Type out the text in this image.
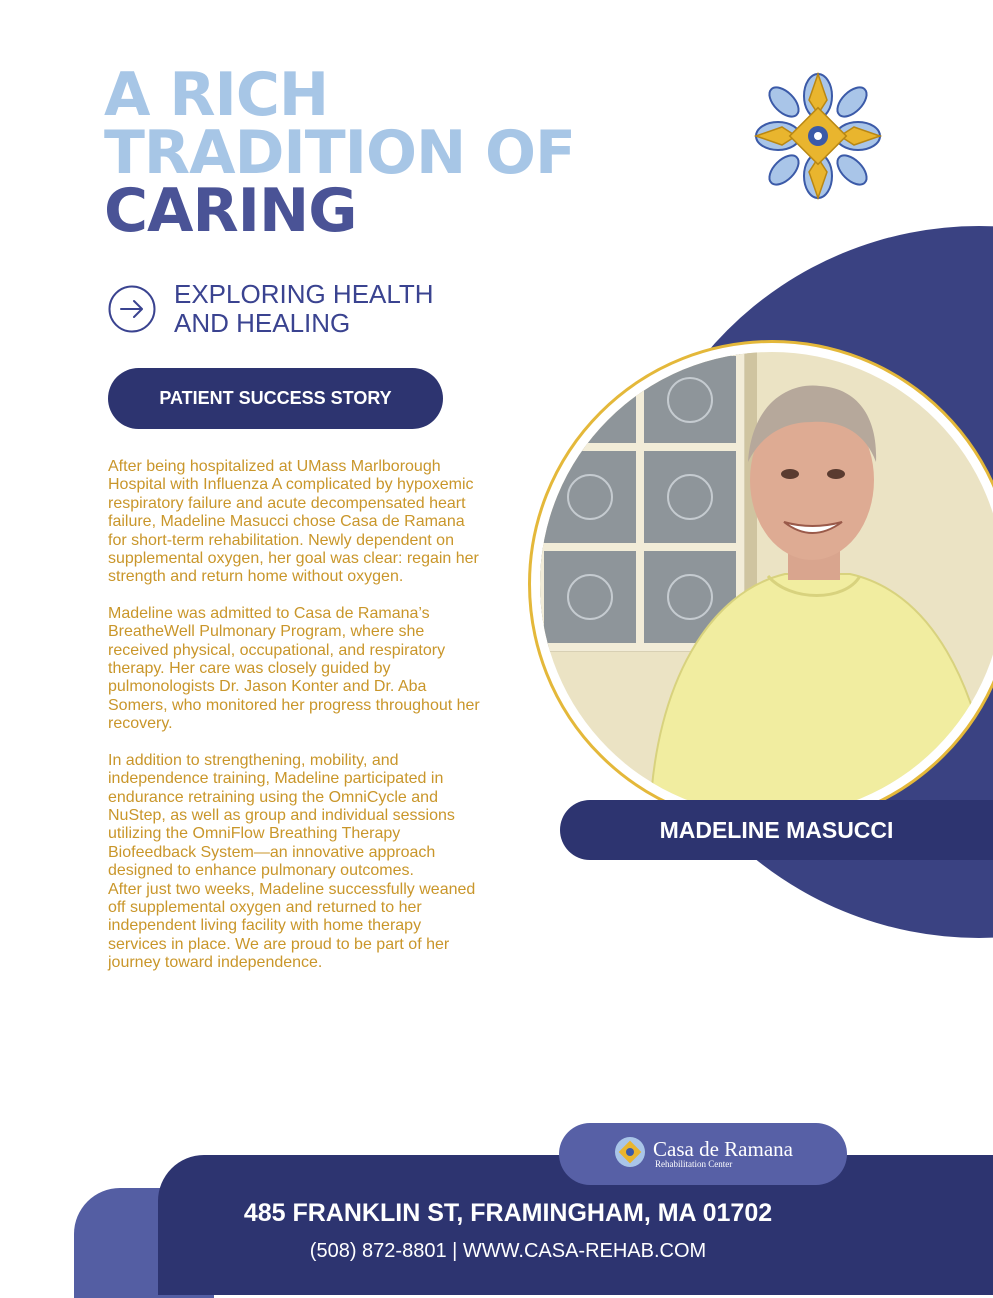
A RICH
TRADITION OF
CARING
EXPLORING HEALTH
AND HEALING
PATIENT SUCCESS STORY

After being hospitalized at UMass Marlborough Hospital with Influenza A complicated by hypoxemic respiratory failure and acute decompensated heart failure, Madeline Masucci chose Casa de Ramana for short-term rehabilitation. Newly dependent on supplemental oxygen, her goal was clear: regain her strength and return home without oxygen.

Madeline was admitted to Casa de Ramana’s BreatheWell Pulmonary Program, where she received physical, occupational, and respiratory therapy. Her care was closely guided by pulmonologists Dr. Jason Konter and Dr. Aba Somers, who monitored her progress throughout her recovery.

In addition to strengthening, mobility, and independence training, Madeline participated in endurance retraining using the OmniCycle and NuStep, as well as group and individual sessions utilizing the OmniFlow Breathing Therapy Biofeedback System—an innovative approach designed to enhance pulmonary outcomes.

After just two weeks, Madeline successfully weaned off supplemental oxygen and returned to her independent living facility with home therapy services in place. We are proud to be part of her journey toward independence.

MADELINE MASUCCI
485 FRANKLIN ST, FRAMINGHAM, MA 01702
(508) 872-8801 | WWW.CASA-REHAB.COM
Casa de Ramana
Rehabilitation Center
